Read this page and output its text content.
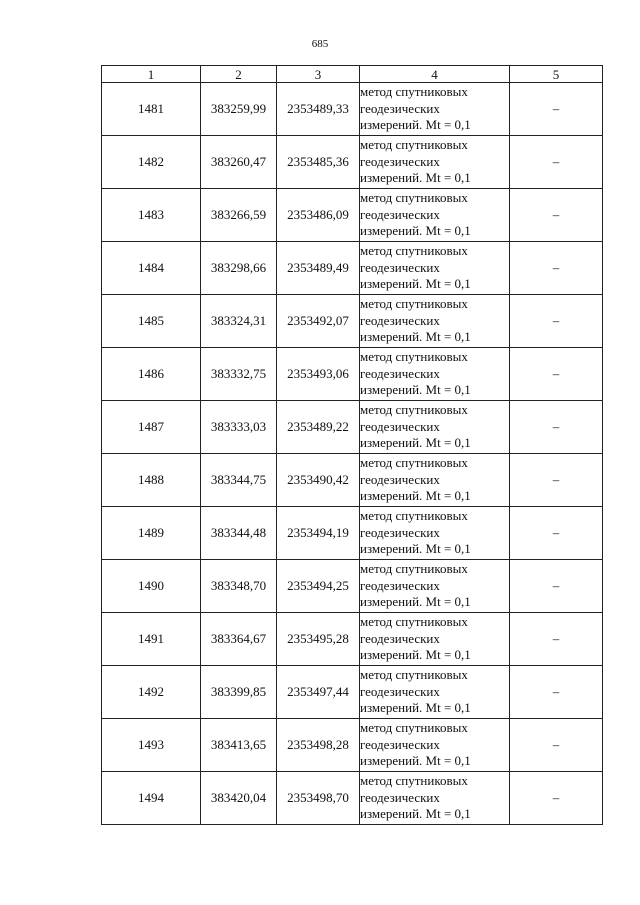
685
1	2	3	4	5
1481	383259,99	2353489,33	метод спутниковых
геодезических
измерений. Mt = 0,1	–
1482	383260,47	2353485,36	метод спутниковых
геодезических
измерений. Mt = 0,1	–
1483	383266,59	2353486,09	метод спутниковых
геодезических
измерений. Mt = 0,1	–
1484	383298,66	2353489,49	метод спутниковых
геодезических
измерений. Mt = 0,1	–
1485	383324,31	2353492,07	метод спутниковых
геодезических
измерений. Mt = 0,1	–
1486	383332,75	2353493,06	метод спутниковых
геодезических
измерений. Mt = 0,1	–
1487	383333,03	2353489,22	метод спутниковых
геодезических
измерений. Mt = 0,1	–
1488	383344,75	2353490,42	метод спутниковых
геодезических
измерений. Mt = 0,1	–
1489	383344,48	2353494,19	метод спутниковых
геодезических
измерений. Mt = 0,1	–
1490	383348,70	2353494,25	метод спутниковых
геодезических
измерений. Mt = 0,1	–
1491	383364,67	2353495,28	метод спутниковых
геодезических
измерений. Mt = 0,1	–
1492	383399,85	2353497,44	метод спутниковых
геодезических
измерений. Mt = 0,1	–
1493	383413,65	2353498,28	метод спутниковых
геодезических
измерений. Mt = 0,1	–
1494	383420,04	2353498,70	метод спутниковых
геодезических
измерений. Mt = 0,1	–
